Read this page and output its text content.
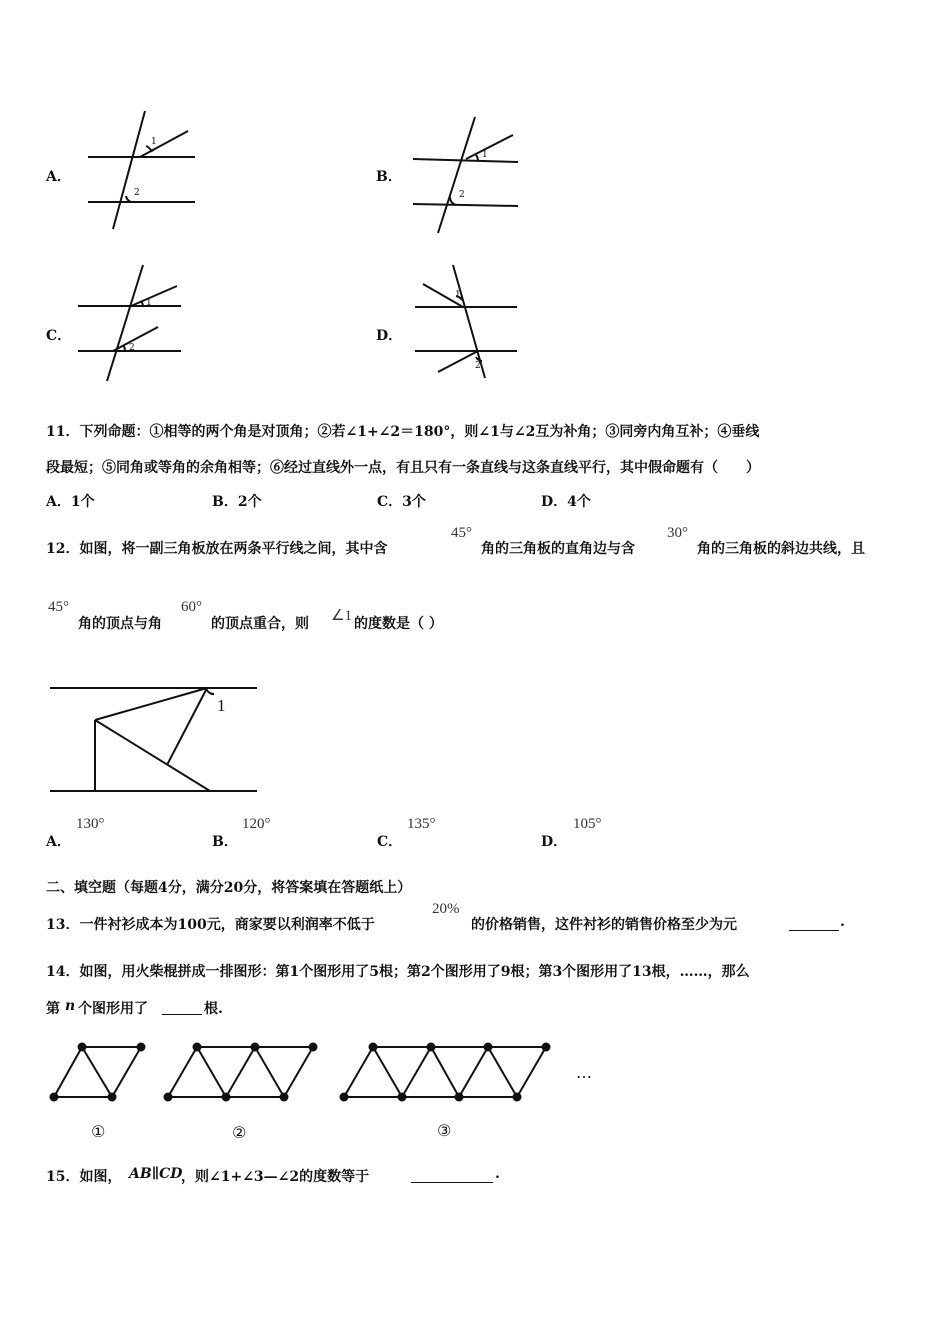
A．
1
2
B．
1
2
C．
1
2
D．
1
2
11．下列命题：①相等的两个角是对顶角；②若∠1+∠2＝180°，则∠1与∠2互为补角；③同旁内角互补；④垂线
段最短；⑤同角或等角的余角相等；⑥经过直线外一点，有且只有一条直线与这条直线平行，其中假命题有（　　）
A．1个	B．2个	C．3个	D．4个
12．如图，将一副三角板放在两条平行线之间，其中含
45°
角的三角板的直角边与含
30°
角的三角板的斜边共线，且
45°
角的顶点与角
60°
的顶点重合，则 ∠1 的度数是（ ）
1
A．
130°
B．
120°
C．
135°
D．
105°
二、填空题（每题4分，满分20分，将答案填在答题纸上）
13．一件衬衫成本为100元，商家要以利润率不低于
20%
的价格销售，这件衬衫的销售价格至少为元	.
14．如图，用火柴棍拼成一排图形：第1个图形用了5根；第2个图形用了9根；第3个图形用了13根，……，那么
第 n 个图形用了	根.
…
①	②	③
15．如图， AB∥CD
，则∠1+∠3—∠2的度数等于	.
